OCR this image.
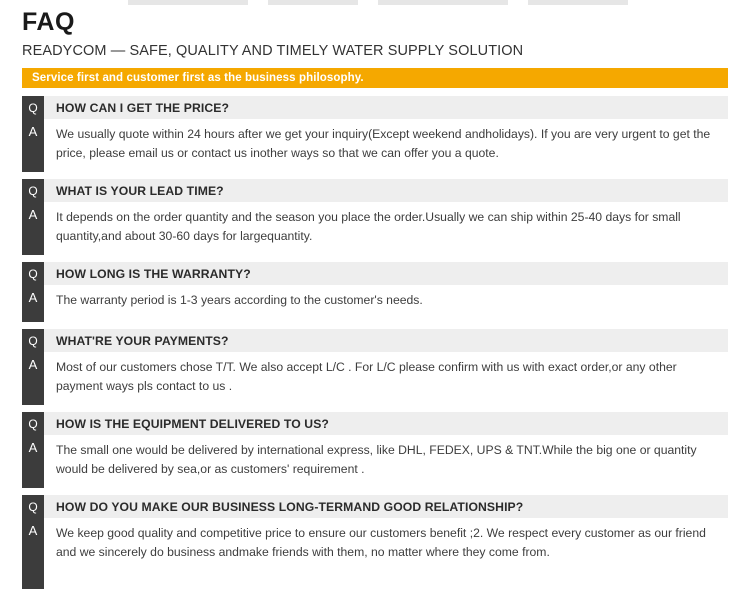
FAQ

READYCOM — SAFE, QUALITY AND TIMELY WATER SUPPLY SOLUTION

Service first and customer first as the business philosophy.
Q	HOW CAN I GET THE PRICE?
A	We usually quote within 24 hours after we get your inquiry(Except weekend andholidays). If you are very urgent to get the price, please email us or contact us inother ways so that we can offer you a quote.
Q	WHAT IS YOUR LEAD TIME?
A	It depends on the order quantity and the season you place the order.Usually we can ship within 25-40 days for small quantity,and about 30-60 days for largequantity.
Q	HOW LONG IS THE WARRANTY?
A	The warranty period is 1-3 years according to the customer's needs.
Q	WHAT'RE YOUR PAYMENTS?
A	Most of our customers chose T/T. We also accept L/C . For L/C please confirm with us with exact order,or any other payment ways pls contact to us .
Q	HOW IS THE EQUIPMENT DELIVERED TO US?
A	The small one would be delivered by international express, like DHL, FEDEX, UPS & TNT.While the big one or quantity would be delivered by sea,or as customers' requirement .
Q	HOW DO YOU MAKE OUR BUSINESS LONG-TERMAND GOOD RELATIONSHIP?
A	We keep good quality and competitive price to ensure our customers benefit ;2. We respect every customer as our friend and we sincerely do business andmake friends with them, no matter where they come from.
